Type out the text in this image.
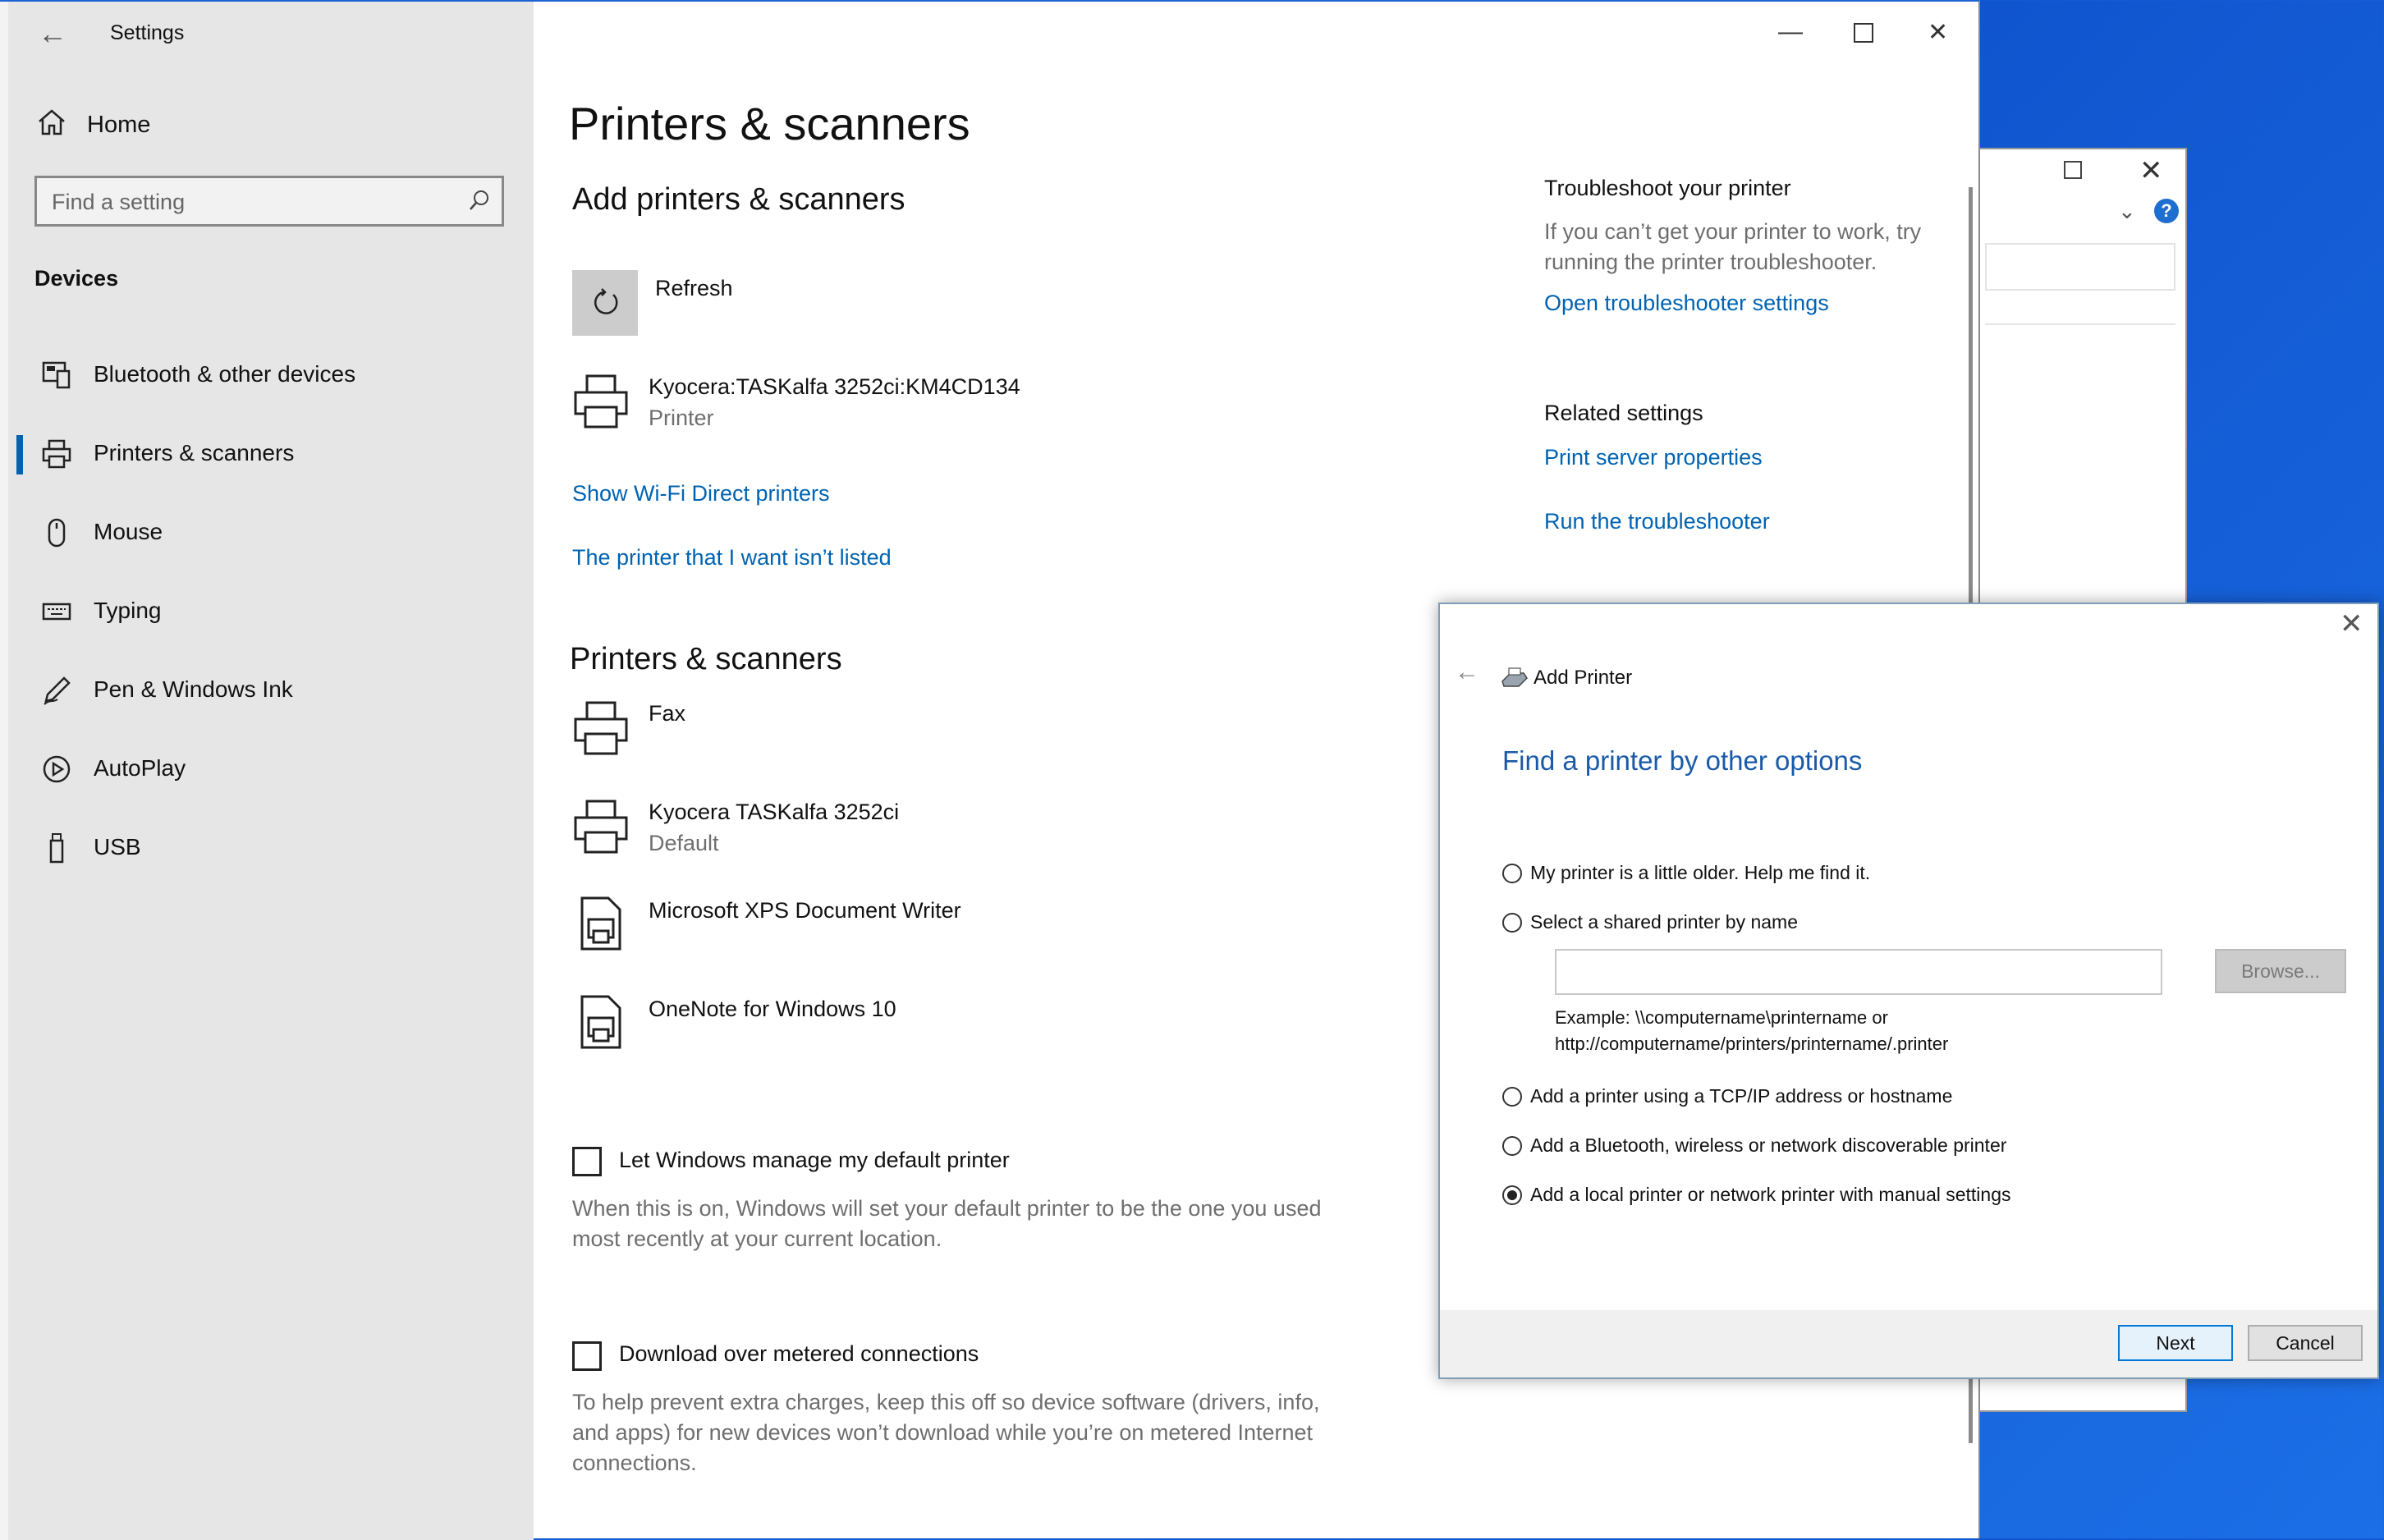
✕
⌄	?
← Settings
Home
Find a setting
Devices
Bluetooth & other devices
Printers & scanners
Mouse
Typing
Pen & Windows Ink
AutoPlay
USB
—	✕
Printers & scanners
Add printers & scanners
Refresh
Kyocera:TASKalfa 3252ci:KM4CD134
Printer
Show Wi-Fi Direct printers
The printer that I want isn’t listed
Printers & scanners
Fax
Kyocera TASKalfa 3252ci
Default
Microsoft XPS Document Writer
OneNote for Windows 10
Let Windows manage my default printer
When this is on, Windows will set your default printer to be the one you used most recently at your current location.
Download over metered connections
To help prevent extra charges, keep this off so device software (drivers, info, and apps) for new devices won’t download while you’re on metered Internet connections.
Troubleshoot your printer
If you can’t get your printer to work, try running the printer troubleshooter.
Open troubleshooter settings
Related settings
Print server properties
Run the troubleshooter
✕
←	Add Printer
Find a printer by other options
My printer is a little older. Help me find it.
Select a shared printer by name
Browse...
Example: \\computername\printername or
http://computername/printers/printername/.printer
Add a printer using a TCP/IP address or hostname
Add a Bluetooth, wireless or network discoverable printer
Add a local printer or network printer with manual settings
Next	Cancel
